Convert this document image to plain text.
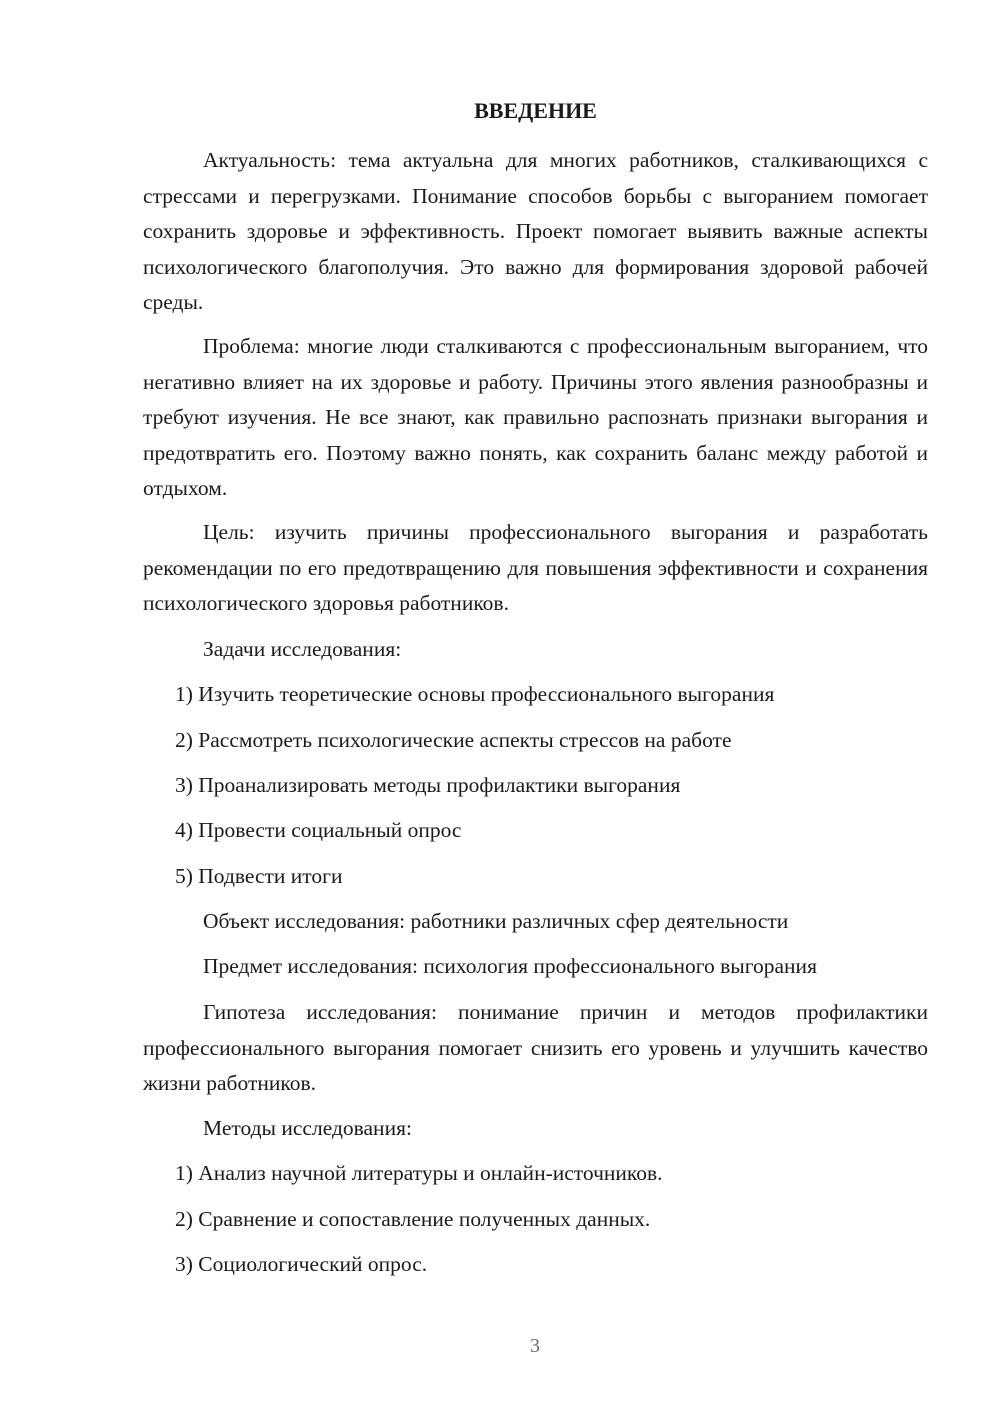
ВВЕДЕНИЕ

Актуальность: тема актуальна для многих работников, сталкивающихся с стрессами и перегрузками. Понимание способов борьбы с выгоранием помогает сохранить здоровье и эффективность. Проект помогает выявить важные аспекты психологического благополучия. Это важно для формирования здоровой рабочей среды.

Проблема: многие люди сталкиваются с профессиональным выгоранием, что негативно влияет на их здоровье и работу. Причины этого явления разнообразны и требуют изучения. Не все знают, как правильно распознать признаки выгорания и предотвратить его. Поэтому важно понять, как сохранить баланс между работой и отдыхом.

Цель: изучить причины профессионального выгорания и разработать рекомендации по его предотвращению для повышения эффективности и сохранения психологического здоровья работников.

Задачи исследования:

1) Изучить теоретические основы профессионального выгорания

2) Рассмотреть психологические аспекты стрессов на работе

3) Проанализировать методы профилактики выгорания

4) Провести социальный опрос

5) Подвести итоги

Объект исследования: работники различных сфер деятельности

Предмет исследования: психология профессионального выгорания

Гипотеза исследования: понимание причин и методов профилактики профессионального выгорания помогает снизить его уровень и улучшить качество жизни работников.

Методы исследования:

1) Анализ научной литературы и онлайн-источников.

2) Сравнение и сопоставление полученных данных.

3) Социологический опрос.

3
